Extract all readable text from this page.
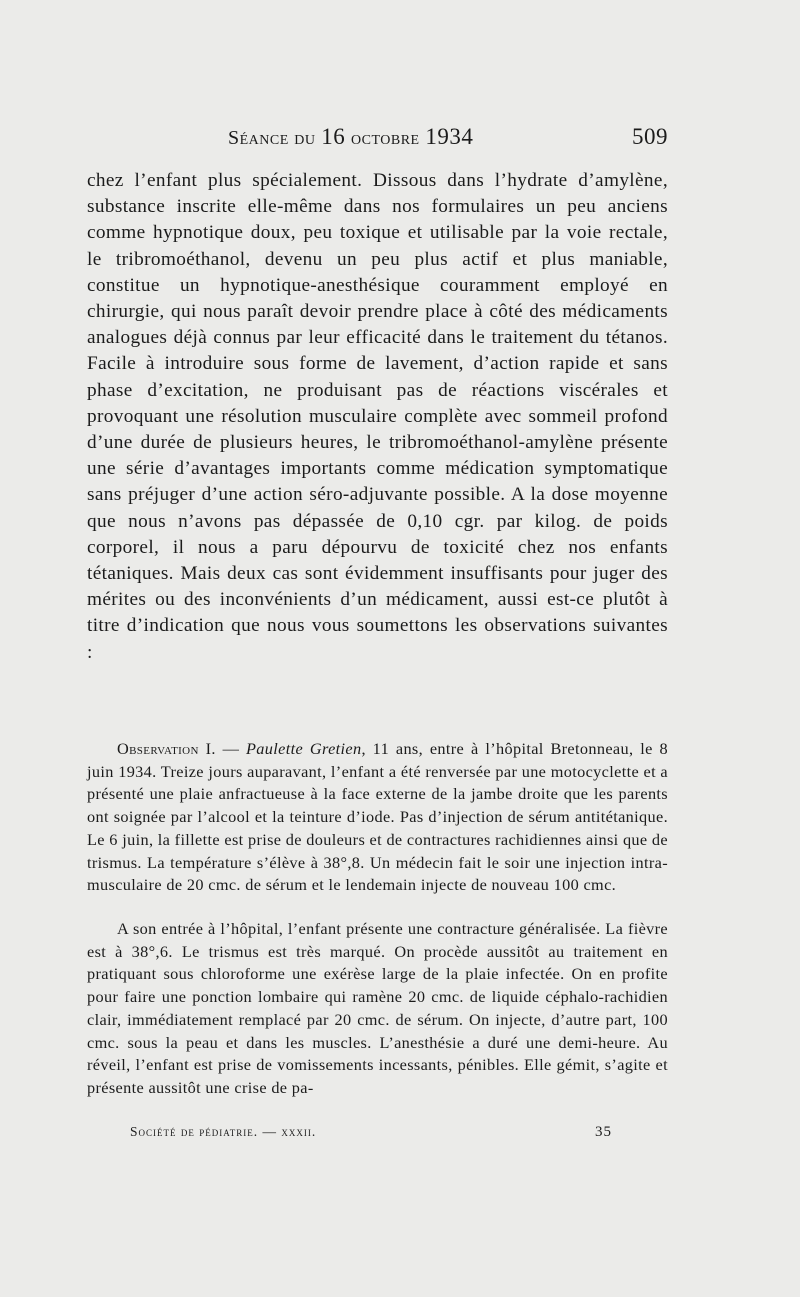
Séance du 16 octobre 1934	509

chez l’enfant plus spécialement. Dissous dans l’hydrate d’amylène, substance inscrite elle-même dans nos formulaires un peu anciens comme hypnotique doux, peu toxique et utilisable par la voie rectale, le tribromoéthanol, devenu un peu plus actif et plus maniable, constitue un hypnotique-anesthésique couramment employé en chirurgie, qui nous paraît devoir prendre place à côté des médicaments analogues déjà connus par leur efficacité dans le traitement du tétanos. Facile à introduire sous forme de lavement, d’action rapide et sans phase d’excitation, ne produisant pas de réactions viscérales et provoquant une résolution musculaire complète avec sommeil profond d’une durée de plusieurs heures, le tribromoéthanol-amylène présente une série d’avantages importants comme médication symptomatique sans préjuger d’une action séro-adjuvante possible. A la dose moyenne que nous n’avons pas dépassée de 0,10 cgr. par kilog. de poids corporel, il nous a paru dépourvu de toxicité chez nos enfants tétaniques. Mais deux cas sont évidemment insuffisants pour juger des mérites ou des inconvénients d’un médicament, aussi est-ce plutôt à titre d’indication que nous vous soumettons les observations suivantes :

Observation I. — Paulette Gretien, 11 ans, entre à l’hôpital Bretonneau, le 8 juin 1934. Treize jours auparavant, l’enfant a été renversée par une motocyclette et a présenté une plaie anfractueuse à la face externe de la jambe droite que les parents ont soignée par l’alcool et la teinture d’iode. Pas d’injection de sérum antitétanique. Le 6 juin, la fillette est prise de douleurs et de contractures rachidiennes ainsi que de trismus. La température s’élève à 38°,8. Un médecin fait le soir une injection intra-musculaire de 20 cmc. de sérum et le lendemain injecte de nouveau 100 cmc.

A son entrée à l’hôpital, l’enfant présente une contracture généralisée. La fièvre est à 38°,6. Le trismus est très marqué. On procède aussitôt au traitement en pratiquant sous chloroforme une exérèse large de la plaie infectée. On en profite pour faire une ponction lombaire qui ramène 20 cmc. de liquide céphalo-rachidien clair, immédiatement remplacé par 20 cmc. de sérum. On injecte, d’autre part, 100 cmc. sous la peau et dans les muscles. L’anesthésie a duré une demi-heure. Au réveil, l’enfant est prise de vomissements incessants, pénibles. Elle gémit, s’agite et présente aussitôt une crise de pa-

Société de pédiatrie. — xxxii.	35
